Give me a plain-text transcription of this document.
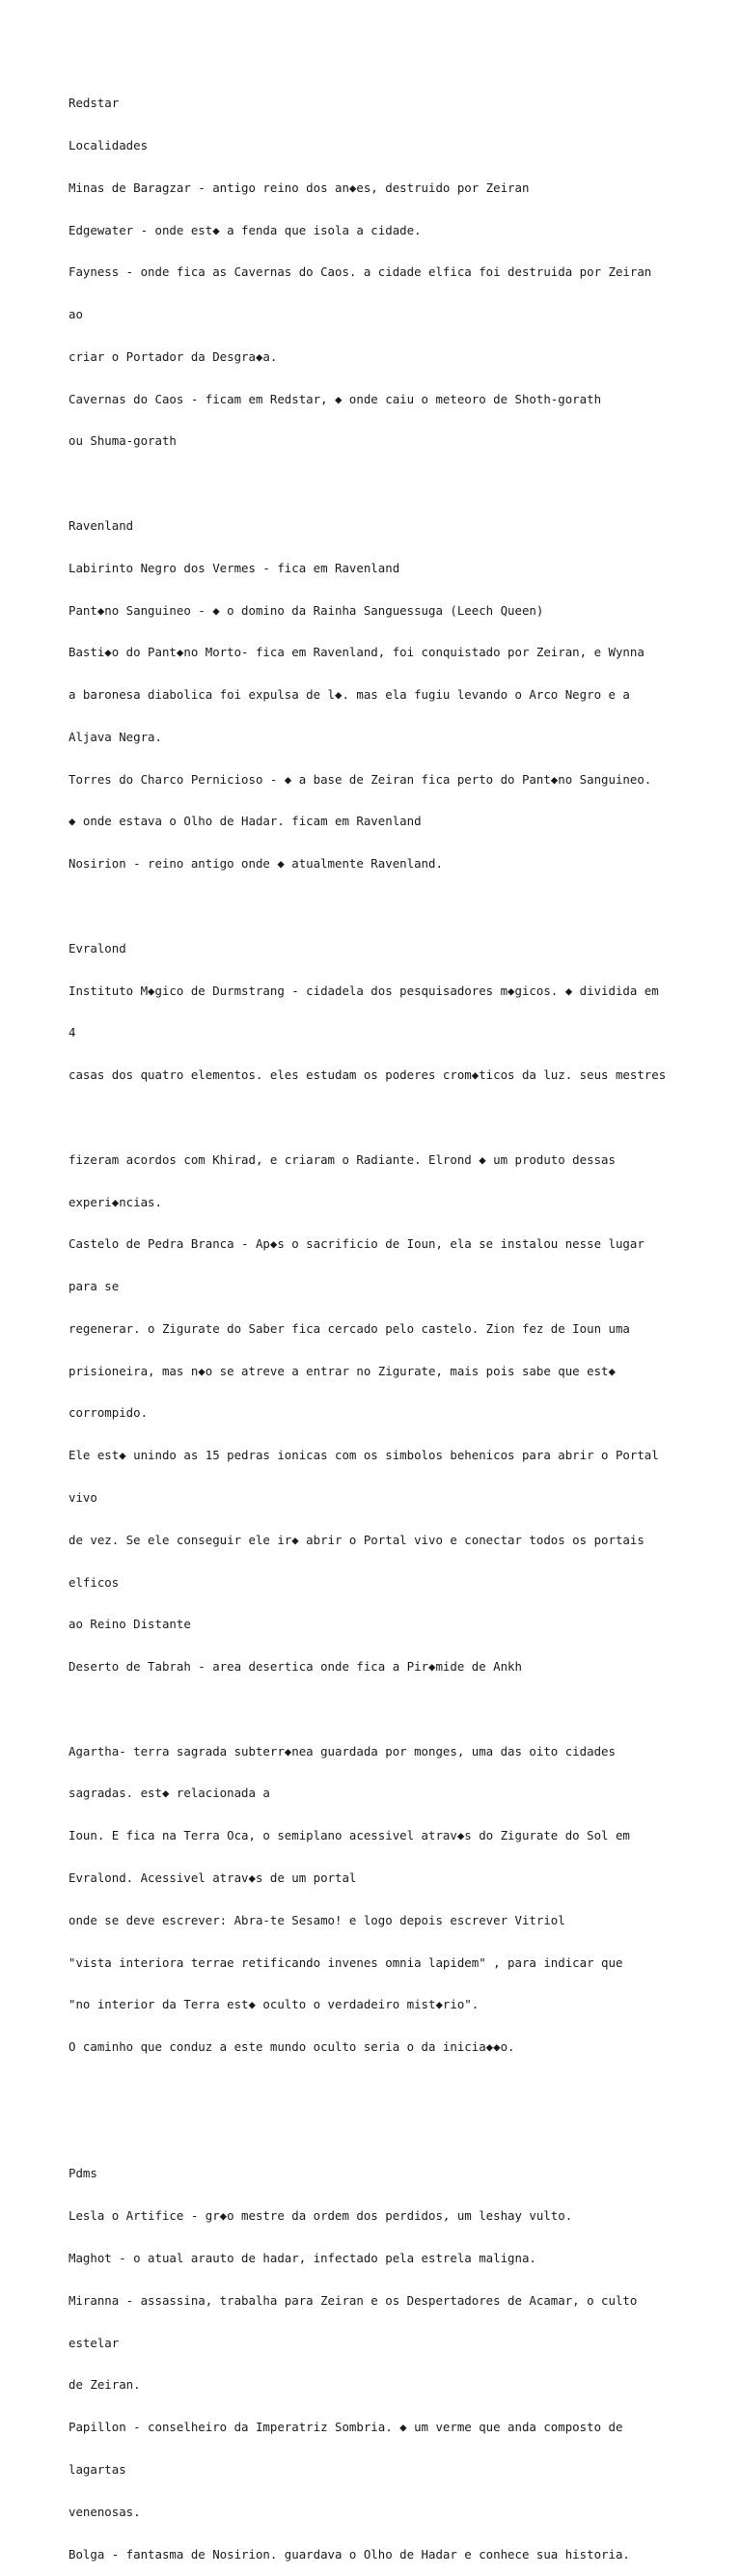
Redstar

Localidades

Minas de Baragzar - antigo reino dos an◆es, destruido por Zeiran

Edgewater - onde est◆ a fenda que isola a cidade.

Fayness - onde fica as Cavernas do Caos. a cidade elfica foi destruida por Zeiran

ao

criar o Portador da Desgra◆a.

Cavernas do Caos - ficam em Redstar, ◆ onde caiu o meteoro de Shoth-gorath

ou Shuma-gorath

Ravenland

Labirinto Negro dos Vermes - fica em Ravenland

Pant◆no Sanguineo - ◆ o domino da Rainha Sanguessuga (Leech Queen)

Basti◆o do Pant◆no Morto- fica em Ravenland, foi conquistado por Zeiran, e Wynna

a baronesa diabolica foi expulsa de l◆. mas ela fugiu levando o Arco Negro e a

Aljava Negra.

Torres do Charco Pernicioso - ◆ a base de Zeiran fica perto do Pant◆no Sanguineo.

◆ onde estava o Olho de Hadar. ficam em Ravenland

Nosirion - reino antigo onde ◆ atualmente Ravenland.

Evralond

Instituto M◆gico de Durmstrang - cidadela dos pesquisadores m◆gicos. ◆ dividida em

4

casas dos quatro elementos. eles estudam os poderes crom◆ticos da luz. seus mestres

fizeram acordos com Khirad, e criaram o Radiante. Elrond ◆ um produto dessas

experi◆ncias.

Castelo de Pedra Branca - Ap◆s o sacrificio de Ioun, ela se instalou nesse lugar

para se

regenerar. o Zigurate do Saber fica cercado pelo castelo. Zion fez de Ioun uma

prisioneira, mas n◆o se atreve a entrar no Zigurate, mais pois sabe que est◆

corrompido.

Ele est◆ unindo as 15 pedras ionicas com os simbolos behenicos para abrir o Portal

vivo

de vez. Se ele conseguir ele ir◆ abrir o Portal vivo e conectar todos os portais

elficos

ao Reino Distante

Deserto de Tabrah - area desertica onde fica a Pir◆mide de Ankh

Agartha- terra sagrada subterr◆nea guardada por monges, uma das oito cidades

sagradas. est◆ relacionada a

Ioun. E fica na Terra Oca, o semiplano acessivel atrav◆s do Zigurate do Sol em

Evralond. Acessivel atrav◆s de um portal

onde se deve escrever: Abra-te Sesamo! e logo depois escrever Vitriol

"vista interiora terrae retificando invenes omnia lapidem" , para indicar que

"no interior da Terra est◆ oculto o verdadeiro mist◆rio".

O caminho que conduz a este mundo oculto seria o da inicia◆◆o.

Pdms

Lesla o Artifice - gr◆o mestre da ordem dos perdidos, um leshay vulto.

Maghot - o atual arauto de hadar, infectado pela estrela maligna.

Miranna - assassina, trabalha para Zeiran e os Despertadores de Acamar, o culto

estelar

de Zeiran.

Papillon - conselheiro da Imperatriz Sombria. ◆ um verme que anda composto de

lagartas

venenosas.

Bolga - fantasma de Nosirion. guardava o Olho de Hadar e conhece sua historia.
